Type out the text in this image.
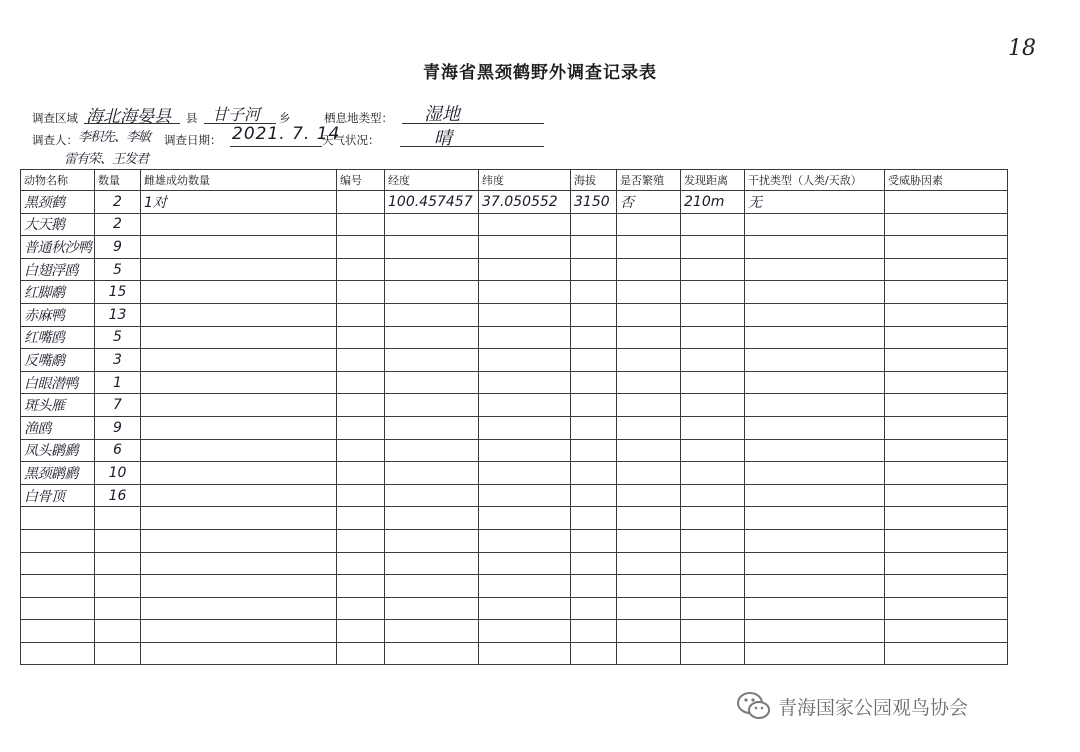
18
青海省黑颈鹤野外调查记录表
调查区域 海北海晏县 县 甘子河 乡	栖息地类型： 湿地
调查人： 李积先、李敏
雷有荣、王发君
调查日期： 2021. 7. 14
天气状况：	晴
动物名称	数量	雌雄成幼数量	编号	经度	纬度	海拔	是否繁殖	发现距离	干扰类型（人类/天敌）	受威胁因素
黑颈鹤	2	1对		100.457457	37.050552	3150	否	210m	无	
大天鹅	2									
普通秋沙鸭	9									
白翅浮鸥	5									
红脚鹬	15									
赤麻鸭	13									
红嘴鸥	5									
反嘴鹬	3									
白眼潜鸭	1									
斑头雁	7									
渔鸥	9									
凤头䴙䴘	6									
黑颈䴙䴘	10									
白骨顶	16									

青海国家公园观鸟协会
